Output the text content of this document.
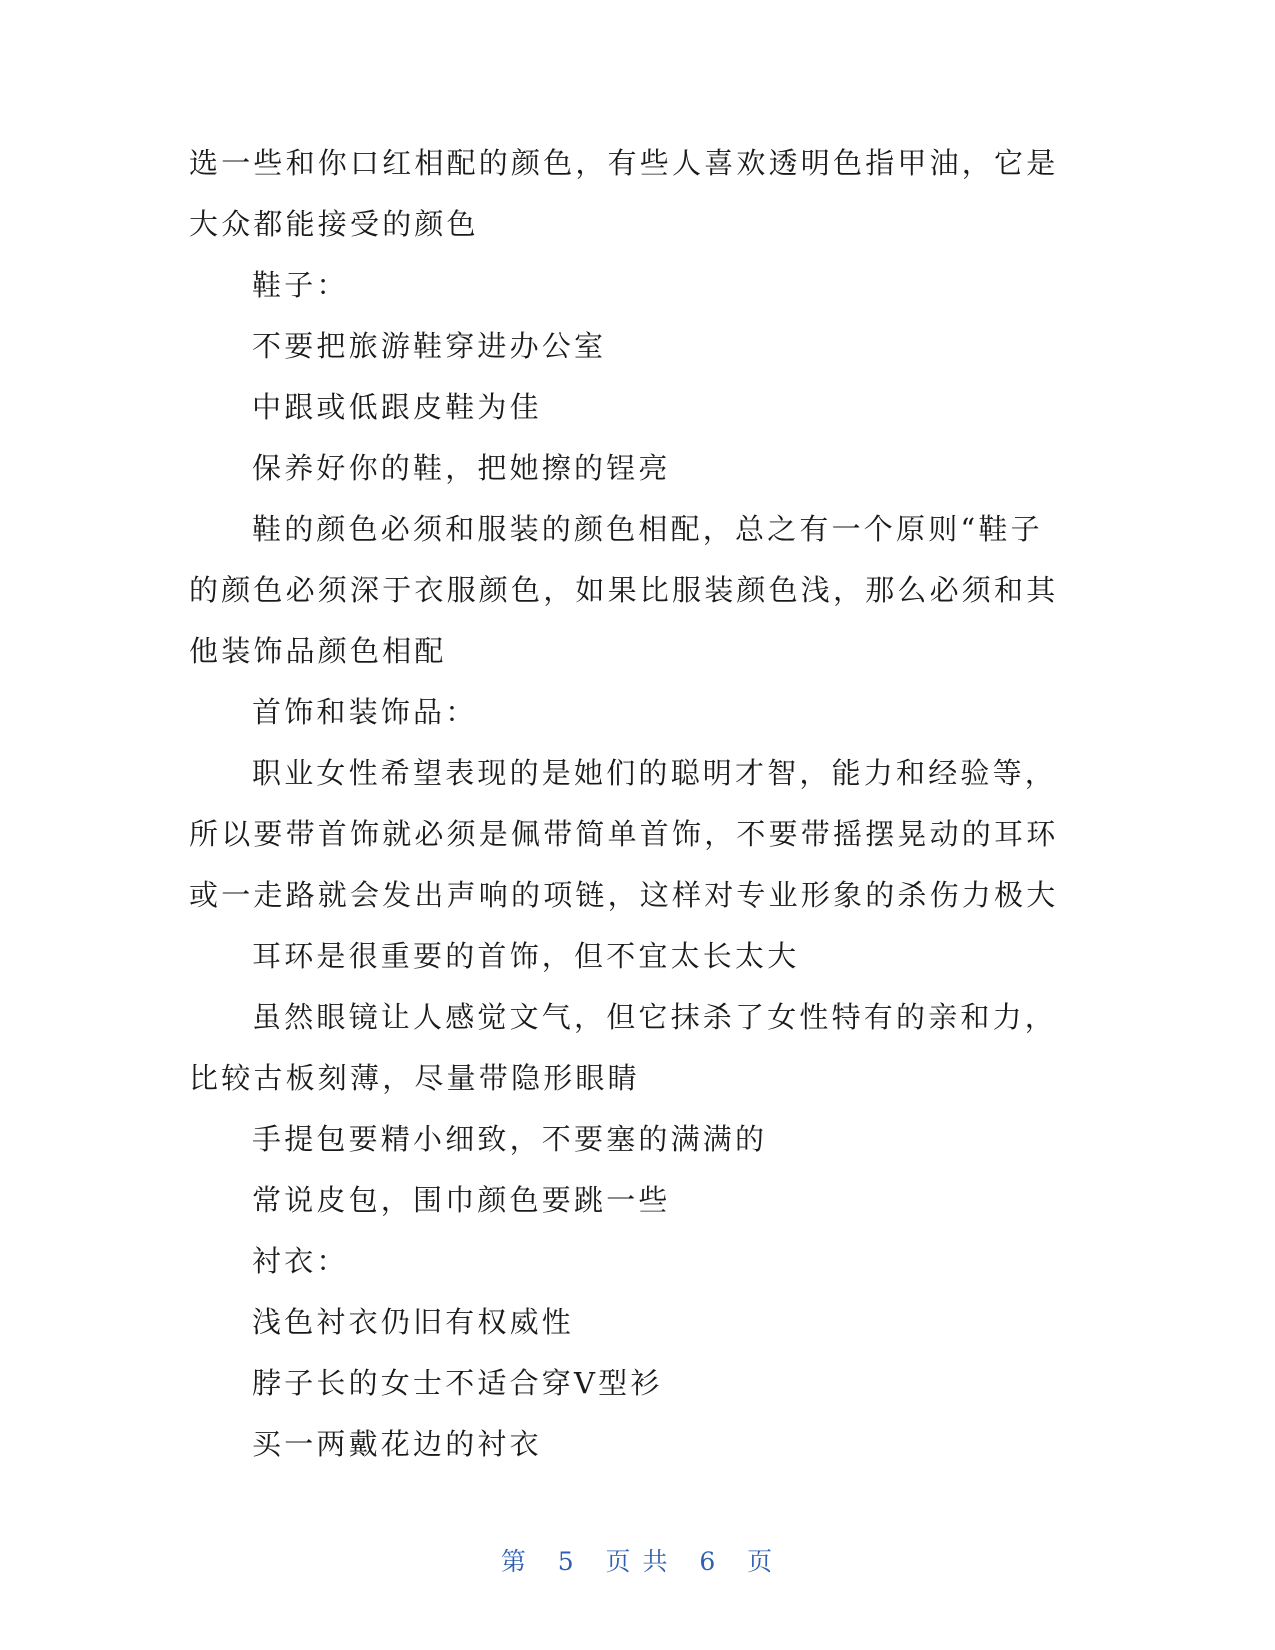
选一些和你口红相配的颜色，有些人喜欢透明色指甲油，它是大众都能接受的颜色

鞋子：

不要把旅游鞋穿进办公室

中跟或低跟皮鞋为佳

保养好你的鞋，把她擦的锃亮

鞋的颜色必须和服装的颜色相配，总之有一个原则“鞋子的颜色必须深于衣服颜色，如果比服装颜色浅，那么必须和其他装饰品颜色相配

首饰和装饰品：

职业女性希望表现的是她们的聪明才智，能力和经验等，所以要带首饰就必须是佩带简单首饰，不要带摇摆晃动的耳环或一走路就会发出声响的项链，这样对专业形象的杀伤力极大

耳环是很重要的首饰，但不宜太长太大

虽然眼镜让人感觉文气，但它抹杀了女性特有的亲和力，比较古板刻薄，尽量带隐形眼睛

手提包要精小细致，不要塞的满满的

常说皮包，围巾颜色要跳一些

衬衣：

浅色衬衣仍旧有权威性

脖子长的女士不适合穿V型衫

买一两戴花边的衬衣

第 5 页 共 6 页
